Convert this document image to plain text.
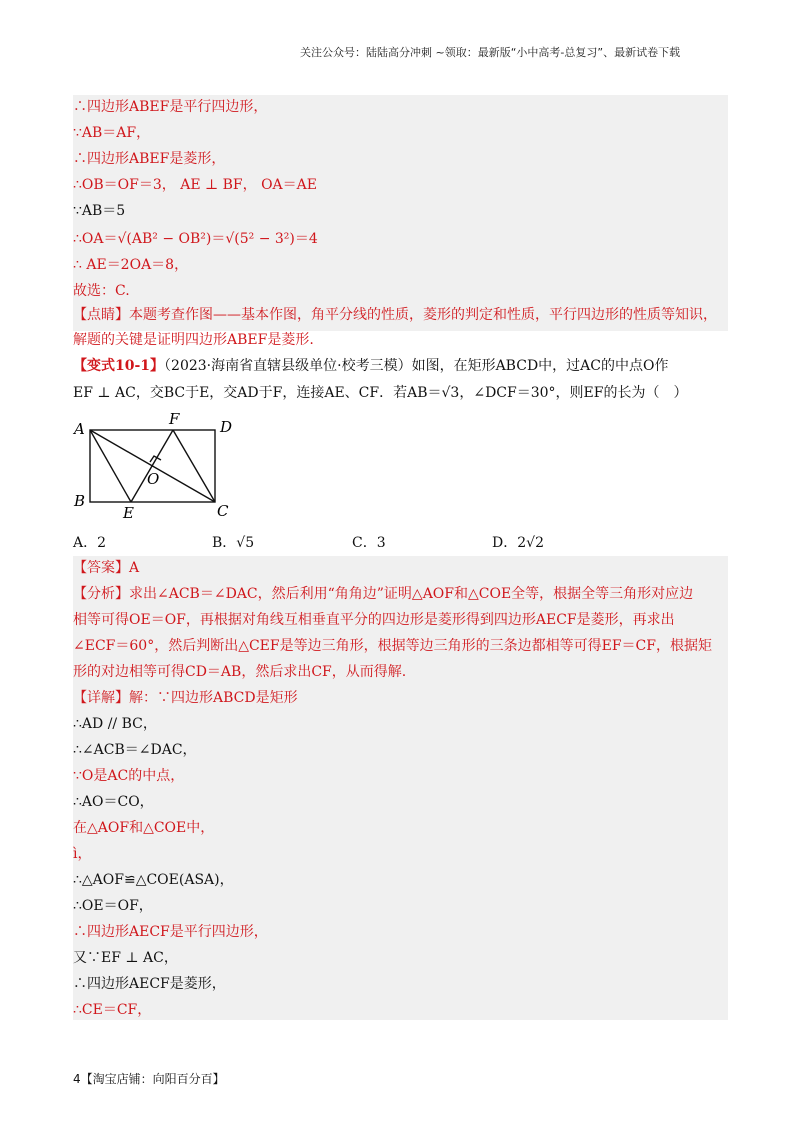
关注公众号：陆陆高分冲刺 ~领取：最新版“小中高考-总复习”、最新试卷下载
∴四边形ABEF是平行四边形，
∵AB＝AF，
∴四边形ABEF是菱形，
∴OB＝OF＝3， AE ⊥ BF， OA＝AE
∵AB＝5
∴OA＝√(AB² − OB²)＝√(5² − 3²)＝4
∴ AE＝2OA＝8，
故选：C.
【点睛】本题考查作图——基本作图，角平分线的性质，菱形的判定和性质，平行四边形的性质等知识，
解题的关键是证明四边形ABEF是菱形.
【变式10-1】（2023·海南省直辖县级单位·校考三模）如图，在矩形ABCD中，过AC的中点O作
EF ⊥ AC，交BC于E，交AD于F，连接AE、CF．若AB＝√3，∠DCF＝30°，则EF的长为（　）
A
B
C
D
E
F
O
A．2	B．√5	C．3	D．2√2
【答案】A
【分析】求出∠ACB＝∠DAC，然后利用“角角边”证明△AOF和△COE全等，根据全等三角形对应边
相等可得OE＝OF，再根据对角线互相垂直平分的四边形是菱形得到四边形AECF是菱形，再求出
∠ECF＝60°，然后判断出△CEF是等边三角形，根据等边三角形的三条边都相等可得EF＝CF，根据矩
形的对边相等可得CD＝AB，然后求出CF，从而得解.
【详解】解：∵四边形ABCD是矩形
∴AD // BC，
∴∠ACB＝∠DAC，
∵O是AC的中点，
∴AO＝CO，
在△AOF和△COE中，
ì，
∴△AOF≌△COE(ASA)，
∴OE＝OF，
∴四边形AECF是平行四边形，
又∵EF ⊥ AC，
∴四边形AECF是菱形，
∴CE＝CF，
4【淘宝店铺：向阳百分百】
